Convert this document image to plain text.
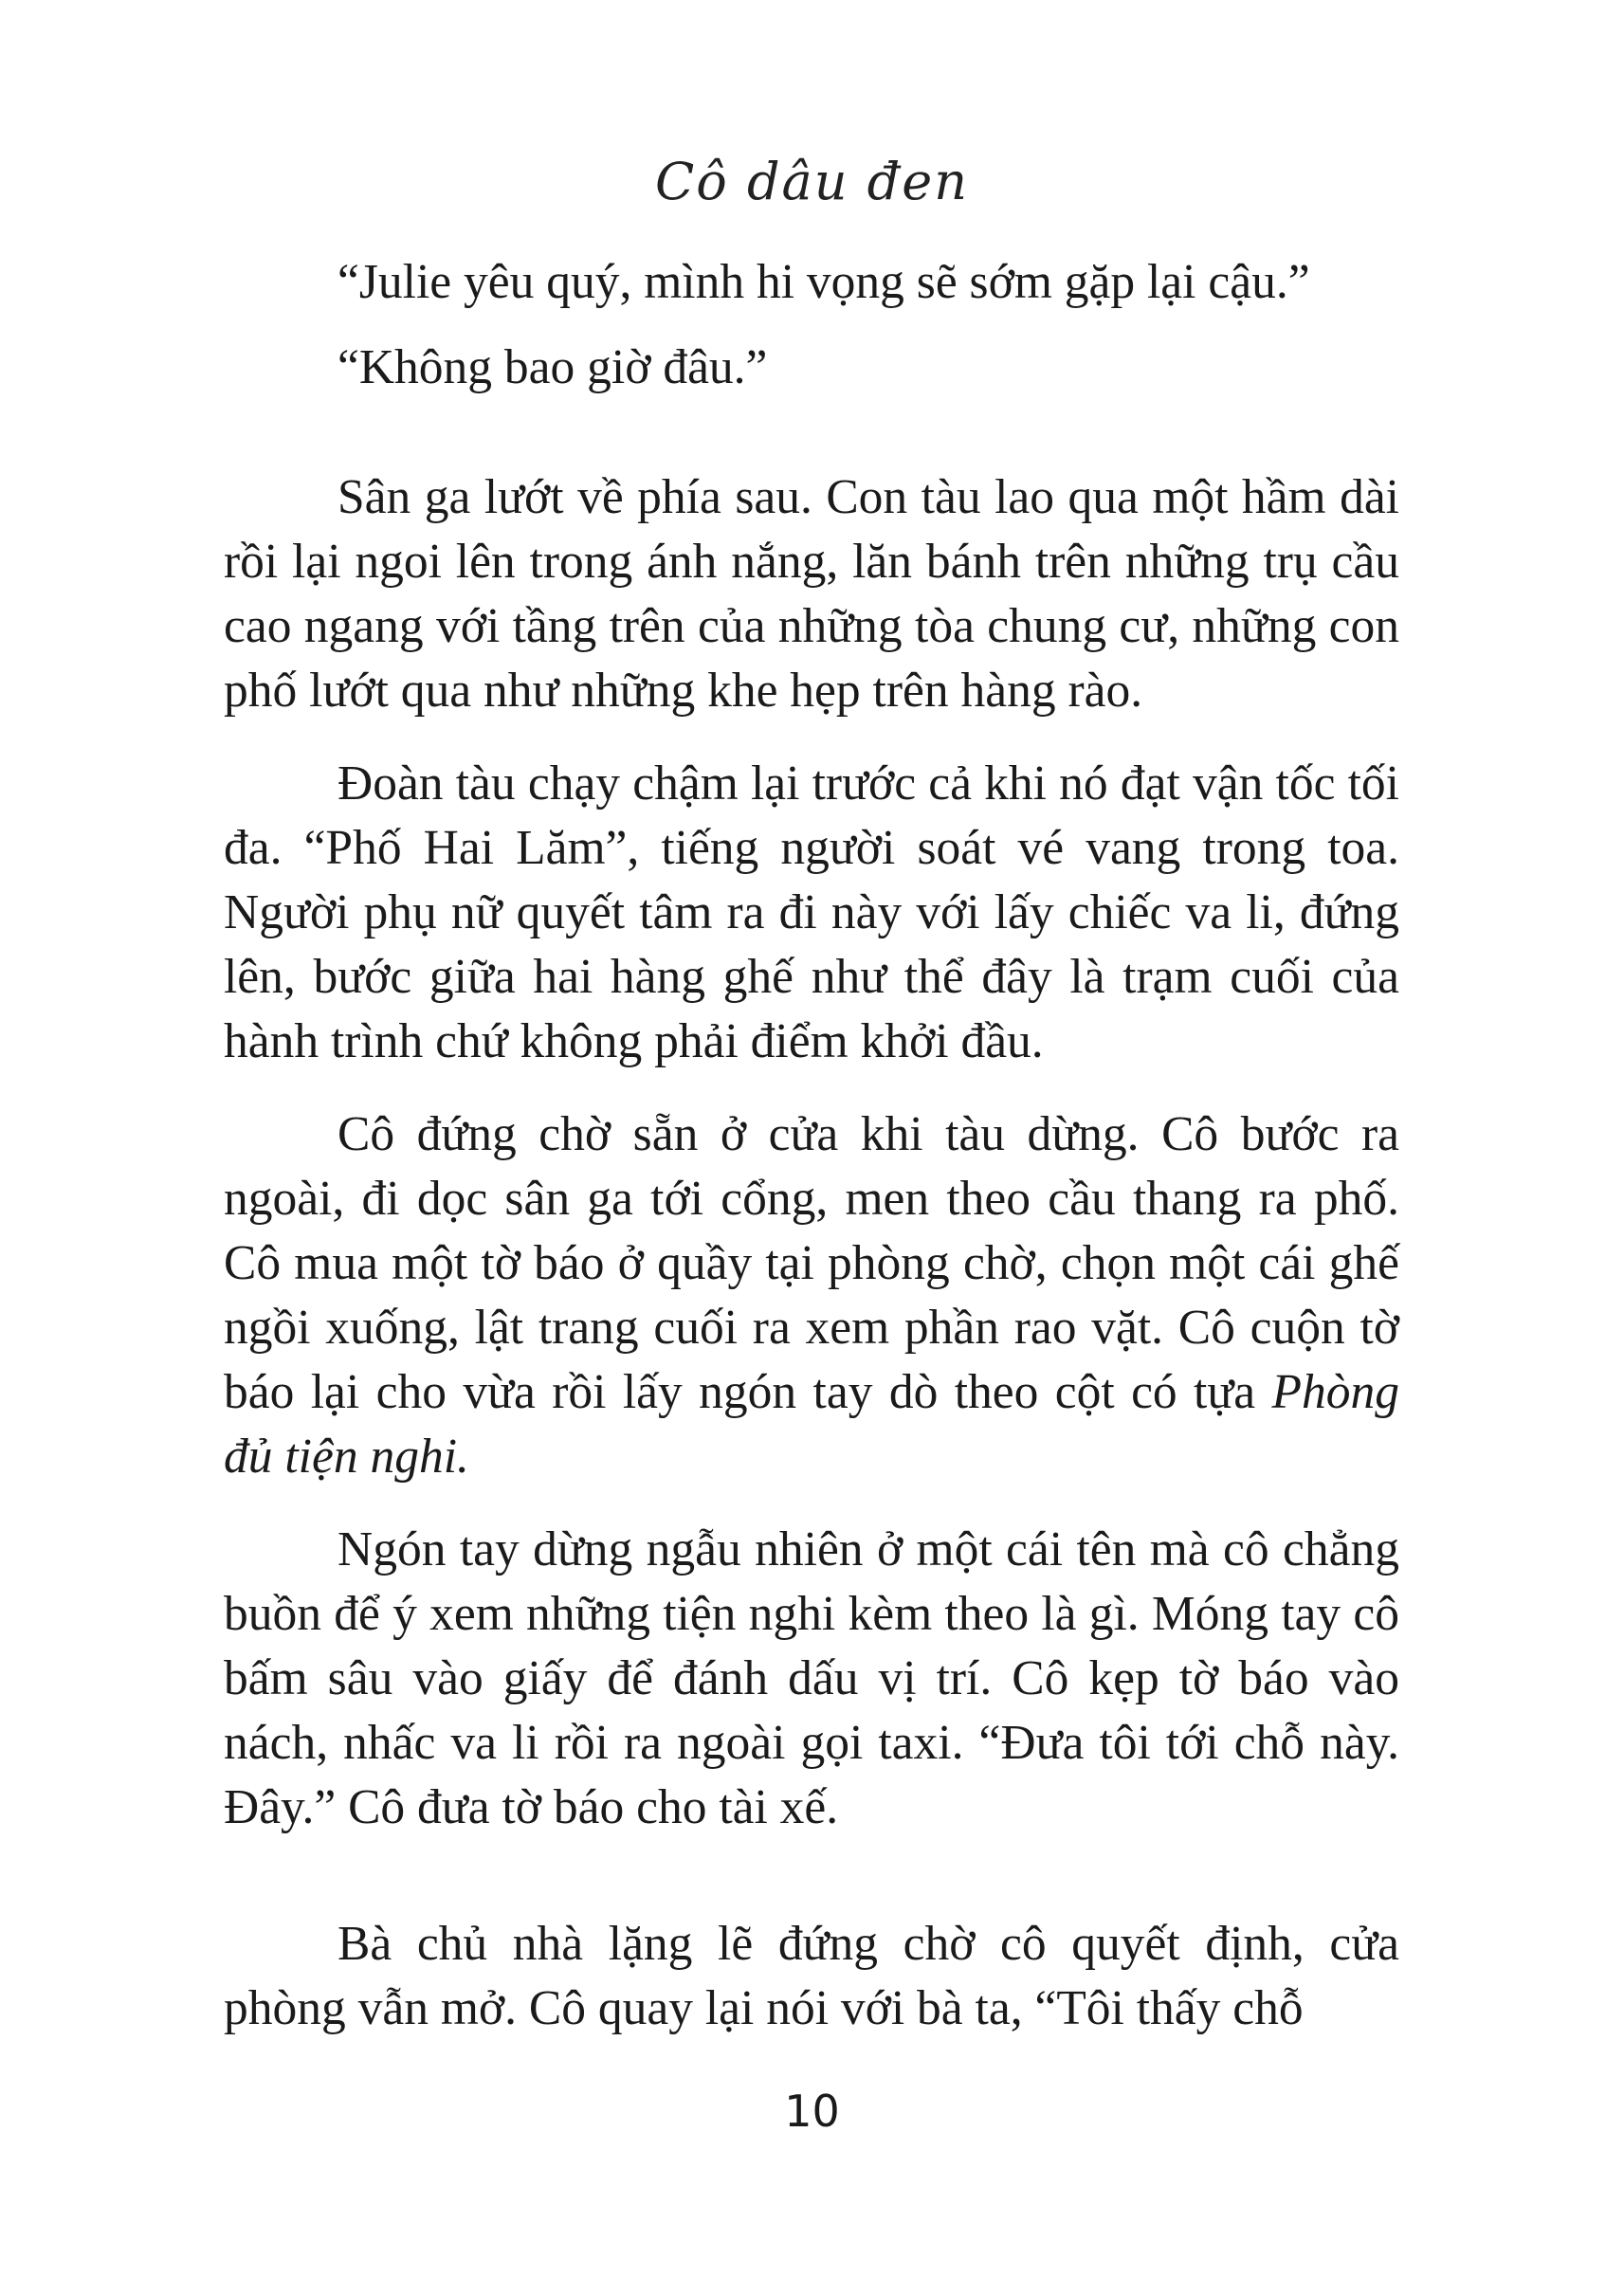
Cô dâu đen

“Julie yêu quý, mình hi vọng sẽ sớm gặp lại cậu.”

“Không bao giờ đâu.”

Sân ga lướt về phía sau. Con tàu lao qua một hầm dài rồi lại ngoi lên trong ánh nắng, lăn bánh trên những trụ cầu cao ngang với tầng trên của những tòa chung cư, những con phố lướt qua như những khe hẹp trên hàng rào.

Đoàn tàu chạy chậm lại trước cả khi nó đạt vận tốc tối đa. “Phố Hai Lăm”, tiếng người soát vé vang trong toa. Người phụ nữ quyết tâm ra đi này với lấy chiếc va li, đứng lên, bước giữa hai hàng ghế như thể đây là trạm cuối của hành trình chứ không phải điểm khởi đầu.

Cô đứng chờ sẵn ở cửa khi tàu dừng. Cô bước ra ngoài, đi dọc sân ga tới cổng, men theo cầu thang ra phố. Cô mua một tờ báo ở quầy tại phòng chờ, chọn một cái ghế ngồi xuống, lật trang cuối ra xem phần rao vặt. Cô cuộn tờ báo lại cho vừa rồi lấy ngón tay dò theo cột có tựa Phòng đủ tiện nghi.

Ngón tay dừng ngẫu nhiên ở một cái tên mà cô chẳng buồn để ý xem những tiện nghi kèm theo là gì. Móng tay cô bấm sâu vào giấy để đánh dấu vị trí. Cô kẹp tờ báo vào nách, nhấc va li rồi ra ngoài gọi taxi. “Đưa tôi tới chỗ này. Đây.” Cô đưa tờ báo cho tài xế.

Bà chủ nhà lặng lẽ đứng chờ cô quyết định, cửa phòng vẫn mở. Cô quay lại nói với bà ta, “Tôi thấy chỗ

10
